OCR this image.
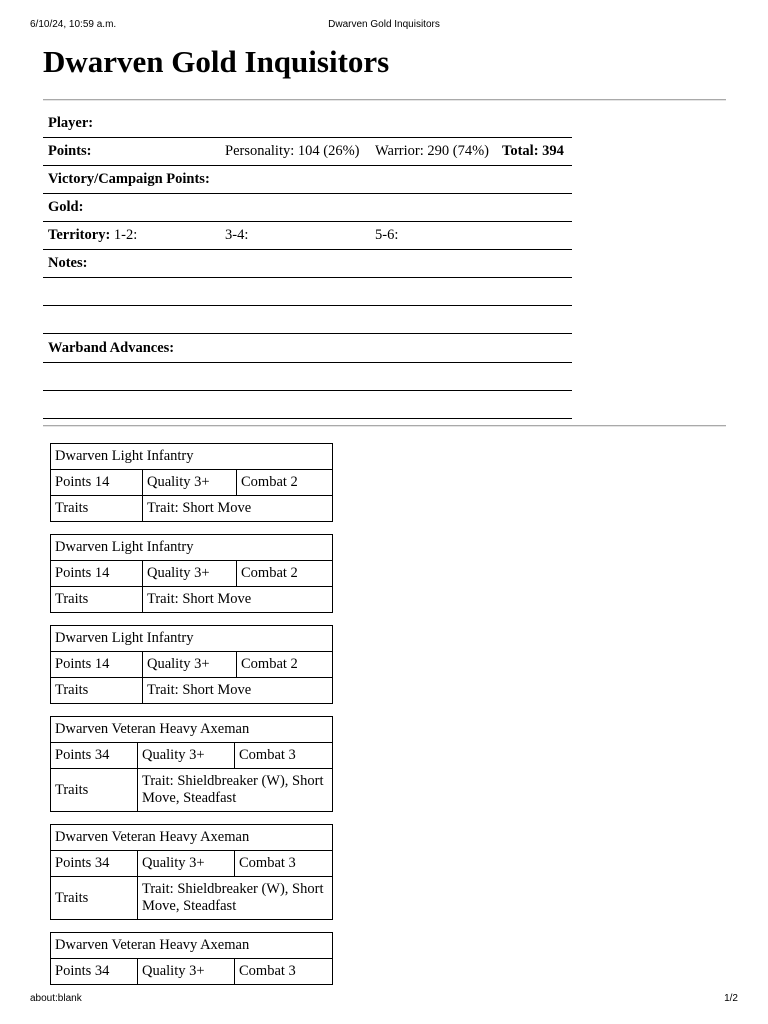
6/10/24, 10:59 a.m.	Dwarven Gold Inquisitors
Dwarven Gold Inquisitors
Player:
Points:	Personality: 104 (26%) Warrior: 290 (74%) Total: 394
Victory/Campaign Points:
Gold:
Territory: 1-2:	3-4:	5-6:
Notes:
Warband Advances:
Dwarven Light Infantry		
Points 14	Quality 3+	Combat 2
Traits	Trait: Short Move	
Dwarven Light Infantry		
Points 14	Quality 3+	Combat 2
Traits	Trait: Short Move	
Dwarven Light Infantry		
Points 14	Quality 3+	Combat 2
Traits	Trait: Short Move	
Dwarven Veteran Heavy Axeman		
Points 34	Quality 3+	Combat 3
Traits	Trait: Shieldbreaker (W), Short Move, Steadfast	
Dwarven Veteran Heavy Axeman		
Points 34	Quality 3+	Combat 3
Traits	Trait: Shieldbreaker (W), Short Move, Steadfast	
Dwarven Veteran Heavy Axeman
Points 34	Quality 3+	Combat 3
about:blank	1/2
